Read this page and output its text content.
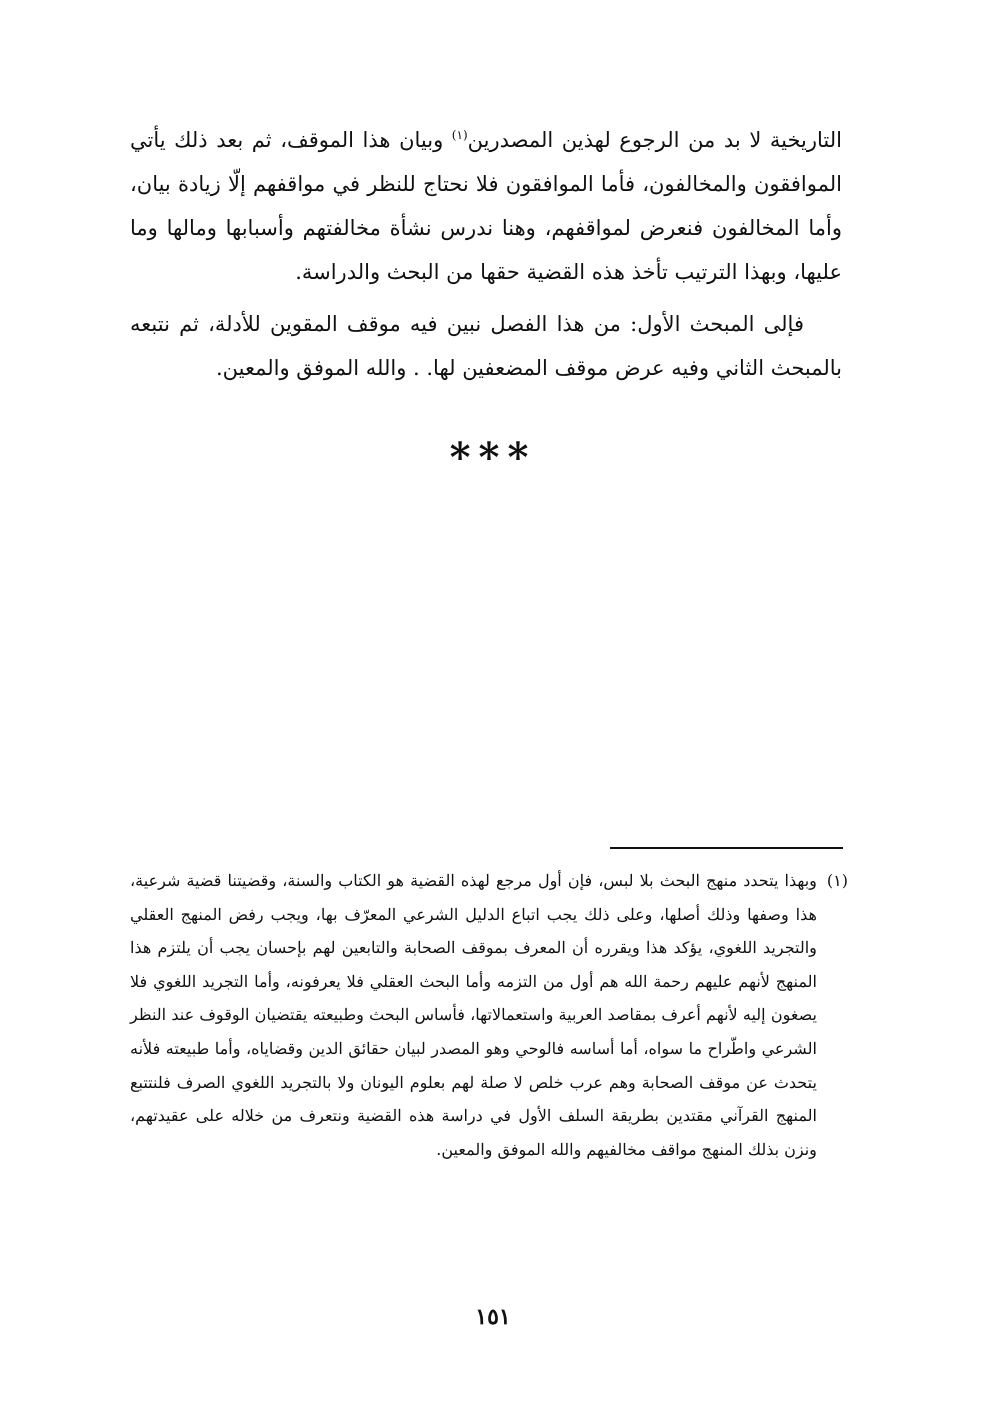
التاريخية لا بد من الرجوع لهذين المصدرين$^{(١)}$ وبيان هذا الموقف، ثم بعد ذلك يأتي الموافقون والمخالفون، فأما الموافقون فلا نحتاج للنظر في مواقفهم إلّا زيادة بيان، وأما المخالفون فنعرض لمواقفهم، وهنا ندرس نشأة مخالفتهم وأسبابها ومالها وما عليها، وبهذا الترتيب تأخذ هذه القضية حقها من البحث والدراسة.

فإلى المبحث الأول: من هذا الفصل نبين فيه موقف المقوين للأدلة، ثم نتبعه بالمبحث الثاني وفيه عرض موقف المضعفين لها. . والله الموفق والمعين.

***
(١)
وبهذا يتحدد منهج البحث بلا لبس، فإن أول مرجع لهذه القضية هو الكتاب والسنة، وقضيتنا قضية شرعية، هذا وصفها وذلك أصلها، وعلى ذلك يجب اتباع الدليل الشرعي المعرّف بها، ويجب رفض المنهج العقلي والتجريد اللغوي، يؤكد هذا ويقرره أن المعرف بموقف الصحابة والتابعين لهم بإحسان يجب أن يلتزم هذا المنهج لأنهم عليهم رحمة الله هم أول من التزمه وأما البحث العقلي فلا يعرفونه، وأما التجريد اللغوي فلا يصغون إليه لأنهم أعرف بمقاصد العربية واستعمالاتها، فأساس البحث وطبيعته يقتضيان الوقوف عند النظر الشرعي واطّراح ما سواه، أما أساسه فالوحي وهو المصدر لبيان حقائق الدين وقضاياه، وأما طبيعته فلأنه يتحدث عن موقف الصحابة وهم عرب خلص لا صلة لهم بعلوم اليونان ولا بالتجريد اللغوي الصرف فلنتتبع المنهج القرآني مقتدين بطريقة السلف الأول في دراسة هذه القضية ونتعرف من خلاله على عقيدتهم، ونزن بذلك المنهج مواقف مخالفيهم والله الموفق والمعين.
١٥١
